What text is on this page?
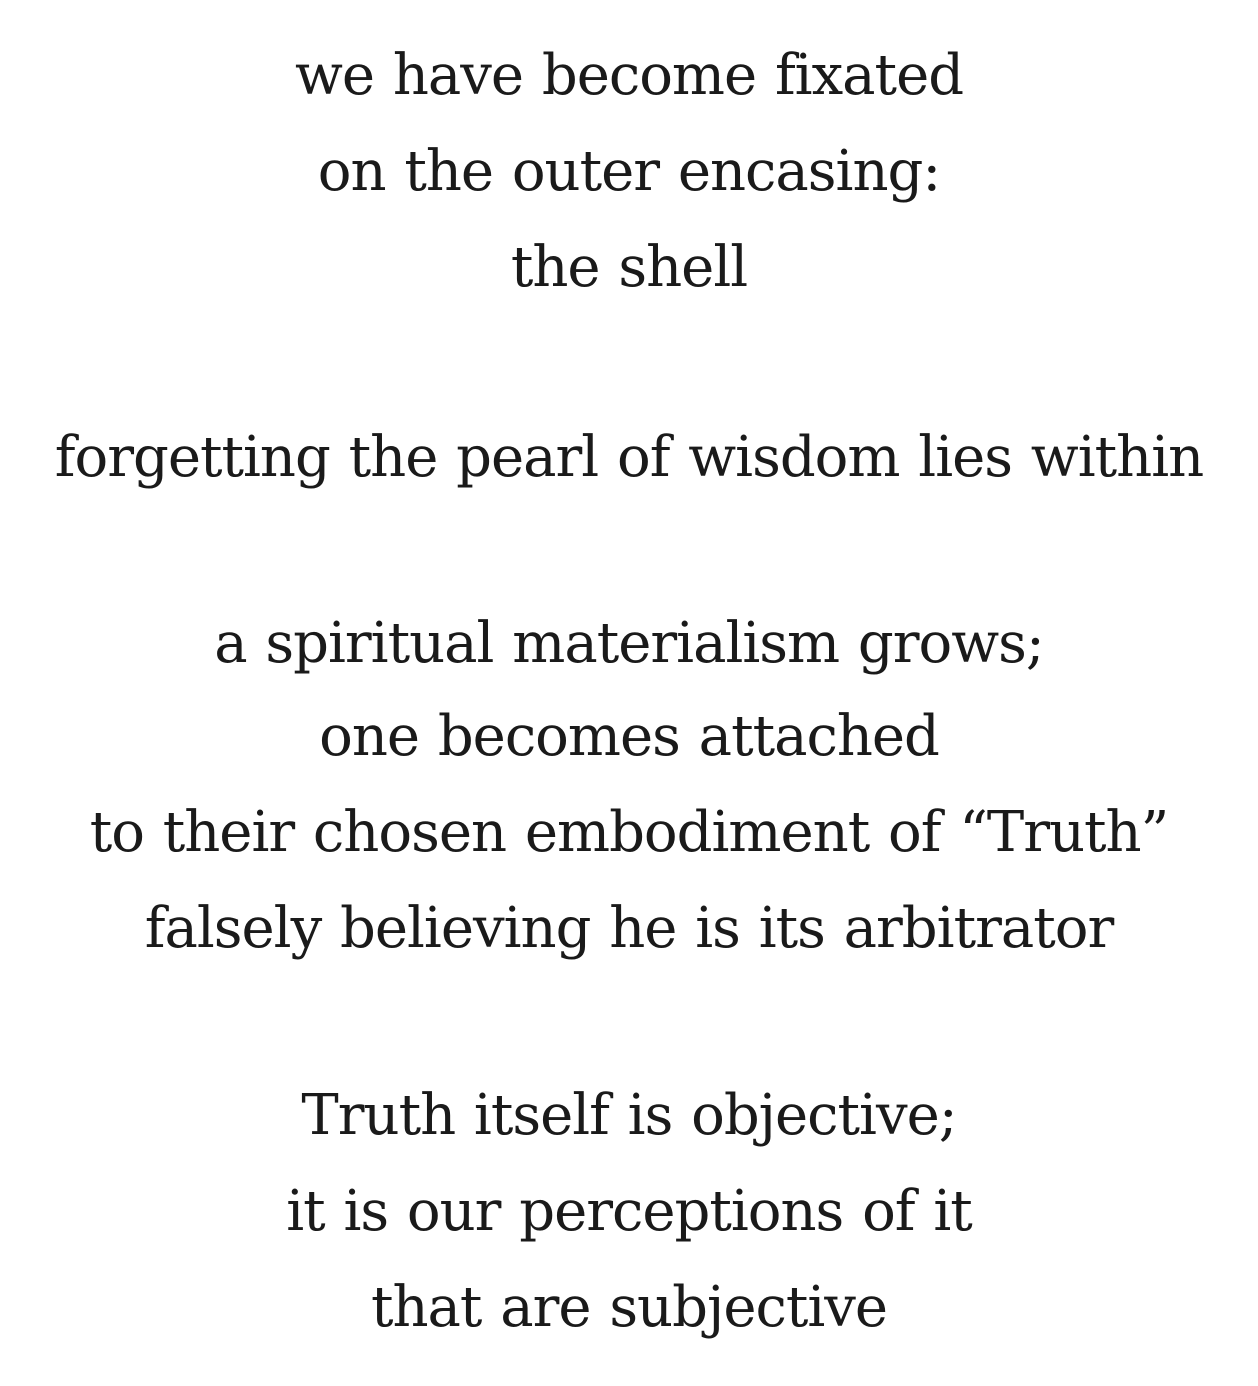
we have become fixated
on the outer encasing:
the shell
forgetting the pearl of wisdom lies within
a spiritual materialism grows;
one becomes attached
to their chosen embodiment of “Truth”
falsely believing he is its arbitrator
Truth itself is objective;
it is our perceptions of it
that are subjective
